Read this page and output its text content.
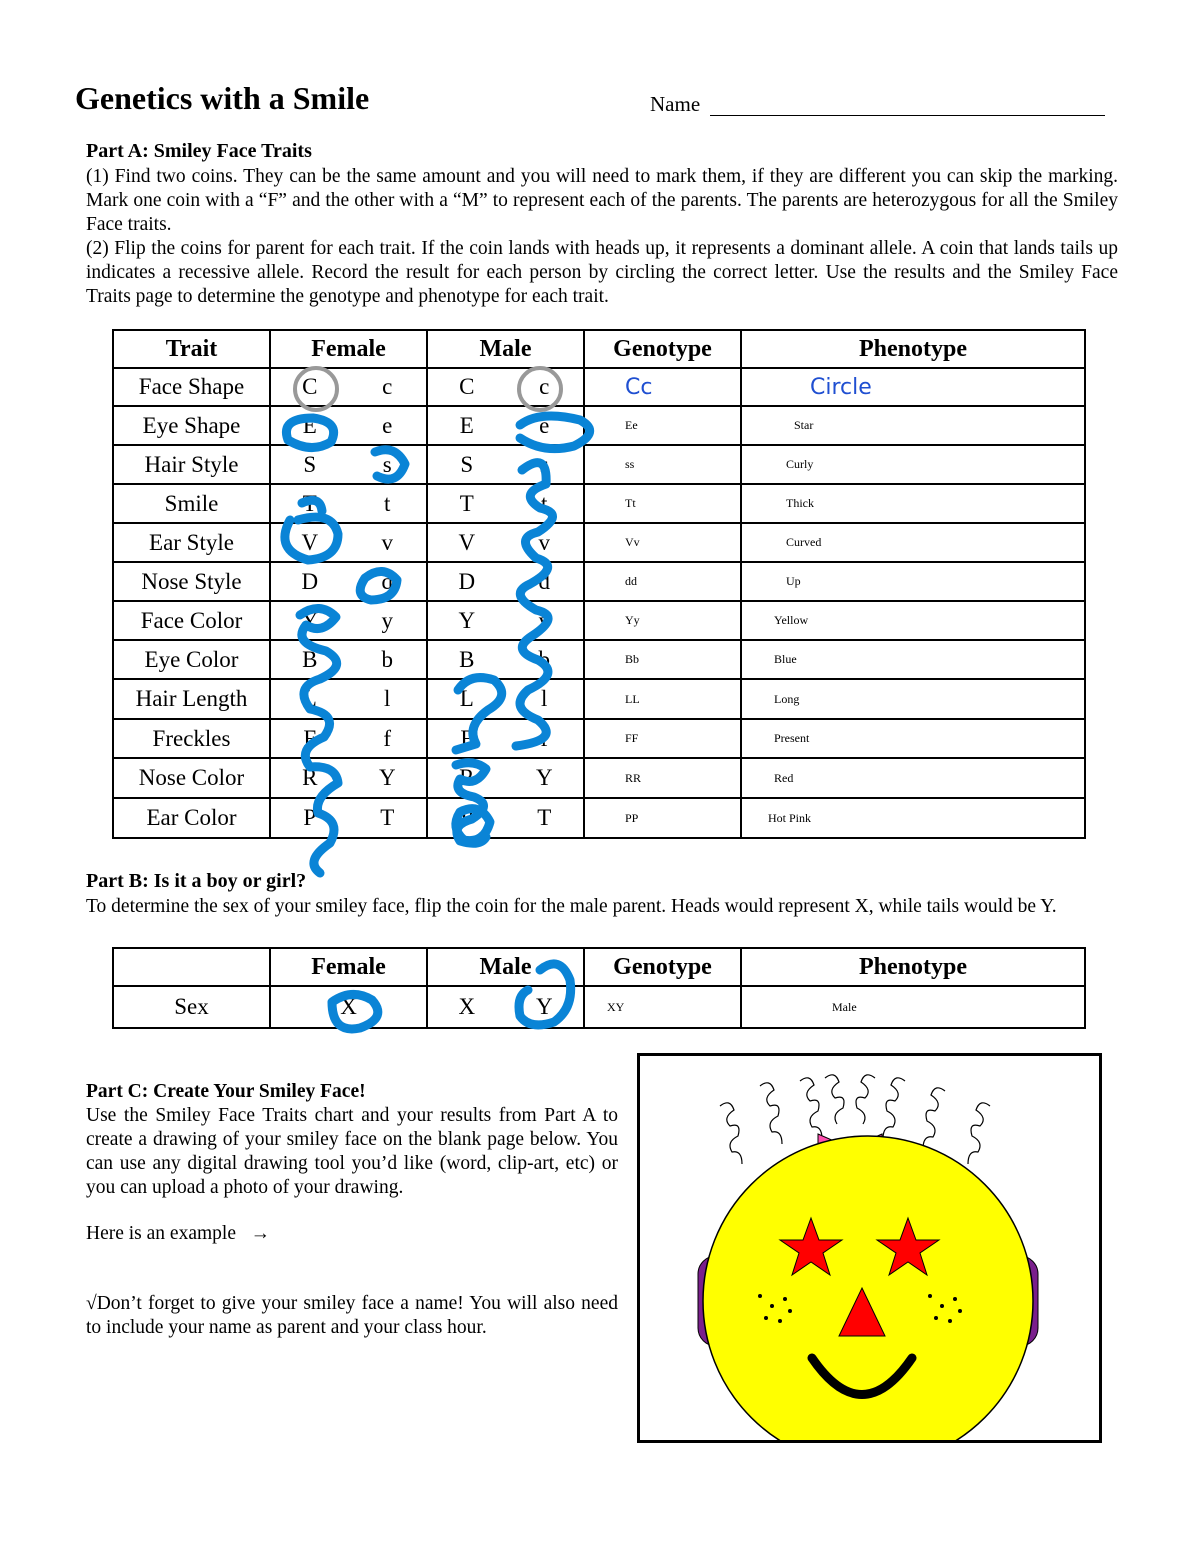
Genetics with a Smile	Name
Part A: Smiley Face Traits

(1) Find two coins. They can be the same amount and you will need to mark them, if they are different you can skip the marking. Mark one coin with a “F” and the other with a “M” to represent each of the parents. The parents are heterozygous for all the Smiley Face traits.

(2) Flip the coins for parent for each trait. If the coin lands with heads up, it represents a dominant allele. A coin that lands tails up indicates a recessive allele. Record the result for each person by circling the correct letter. Use the results and the Smiley Face Traits page to determine the genotype and phenotype for each trait.

Trait	Female	Male	Genotype	Phenotype
Face Shape	C c	C c	Cc	Circle
Eye Shape	E e	E e	Ee	Star
Hair Style	S s	S s	ss	Curly
Smile	T t	T t	Tt	Thick
Ear Style	V v	V v	Vv	Curved
Nose Style	D d	D d	dd	Up
Face Color	Y y	Y y	Yy	Yellow
Eye Color	B b	B b	Bb	Blue
Hair Length	L l	L l	LL	Long
Freckles	F f	F f	FF	Present
Nose Color	R Y	R Y	RR	Red
Ear Color	P T	P T	PP	Hot Pink
Part B: Is it a boy or girl?
To determine the sex of your smiley face, flip the coin for the male parent. Heads would represent X, while tails would be Y.
	Female	Male	Genotype	Phenotype
Sex	X	X Y	XY	Male

Part C: Create Your Smiley Face!

Use the Smiley Face Traits chart and your results from Part A to create a drawing of your smiley face on the blank page below. You can use any digital drawing tool you’d like (word, clip-art, etc) or you can upload a photo of your drawing.

Here is an example →

√Don’t forget to give your smiley face a name! You will also need to include your name as parent and your class hour.
